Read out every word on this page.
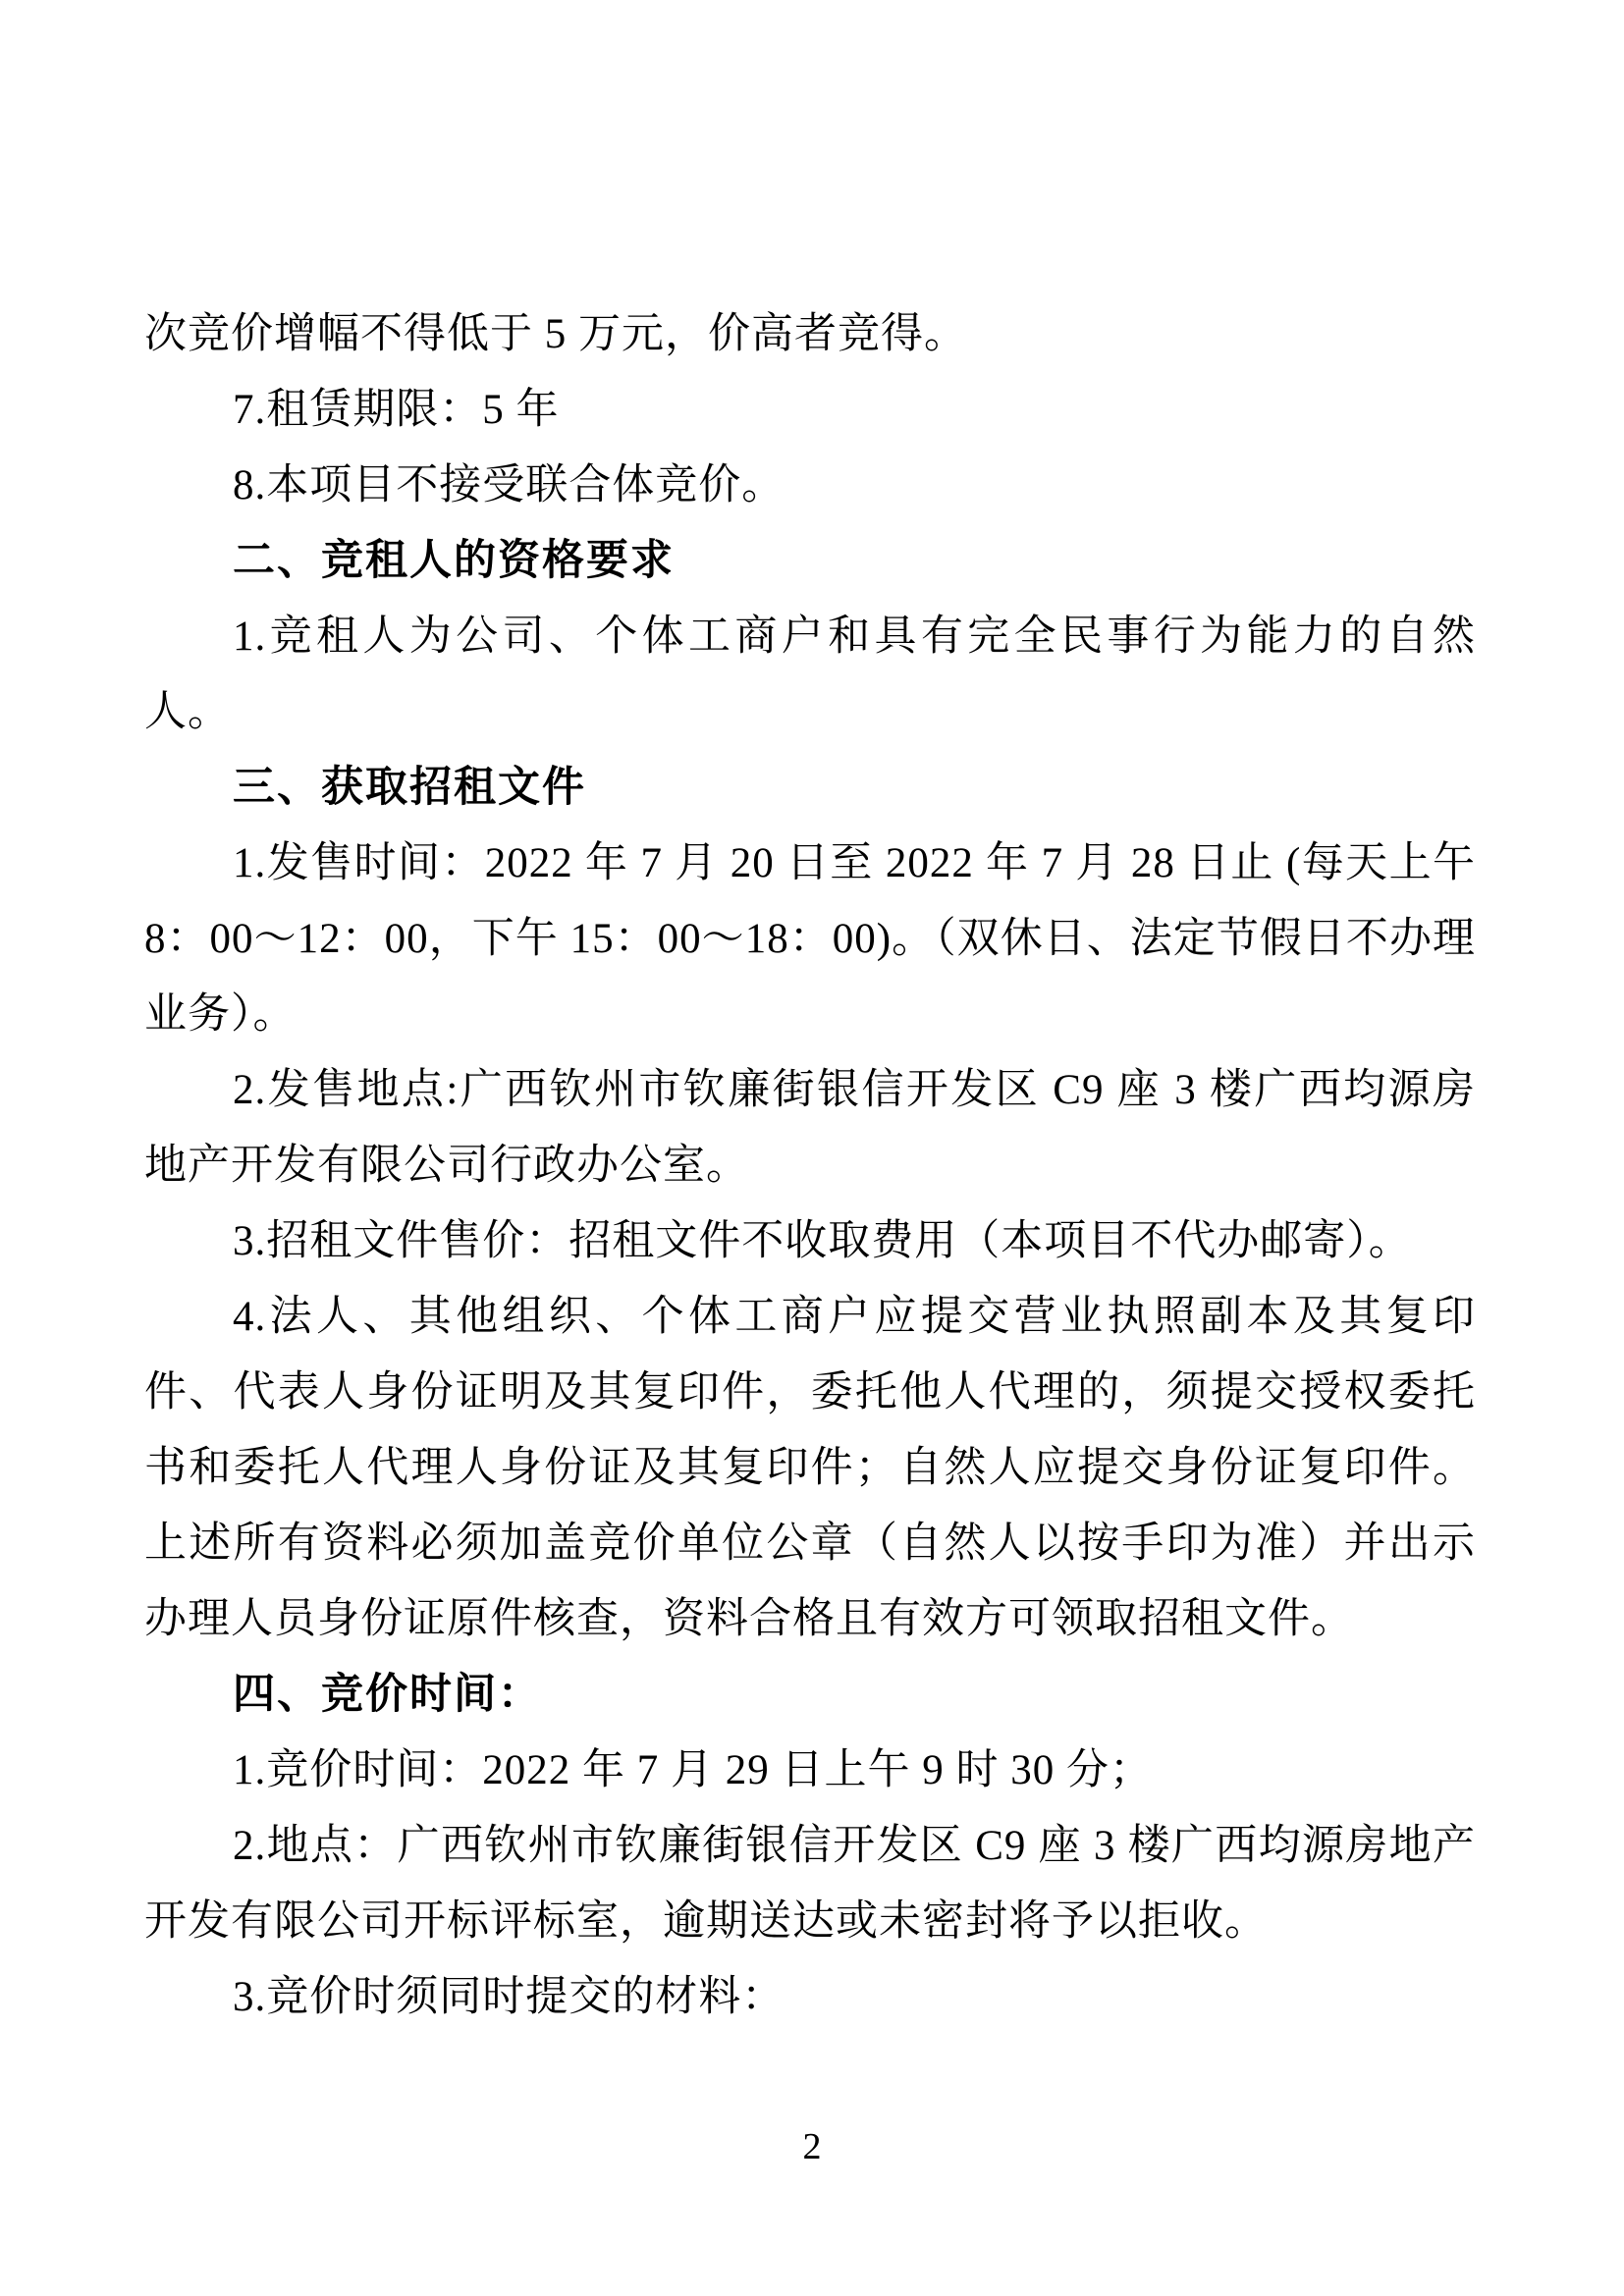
次竞价增幅不得低于 5 万元，价高者竞得。

7.租赁期限：5 年

8.本项目不接受联合体竞价。

二、竞租人的资格要求

1.竞租人为公司、个体工商户和具有完全民事行为能力的自然人。

三、获取招租文件

1.发售时间：2022 年 7 月 20 日至 2022 年 7 月 28 日止 (每天上午 8：00～12：00，下午 15：00～18：00)。（双休日、法定节假日不办理业务）。

2.发售地点:广西钦州市钦廉街银信开发区 C9 座 3 楼广西均源房地产开发有限公司行政办公室。

3.招租文件售价：招租文件不收取费用（本项目不代办邮寄）。

4.法人、其他组织、个体工商户应提交营业执照副本及其复印件、代表人身份证明及其复印件，委托他人代理的，须提交授权委托书和委托人代理人身份证及其复印件；自然人应提交身份证复印件。上述所有资料必须加盖竞价单位公章（自然人以按手印为准）并出示办理人员身份证原件核查，资料合格且有效方可领取招租文件。

四、竞价时间：

1.竞价时间：2022 年 7 月 29 日上午 9 时 30 分；

2.地点：广西钦州市钦廉街银信开发区 C9 座 3 楼广西均源房地产开发有限公司开标评标室，逾期送达或未密封将予以拒收。

3.竞价时须同时提交的材料：

2
